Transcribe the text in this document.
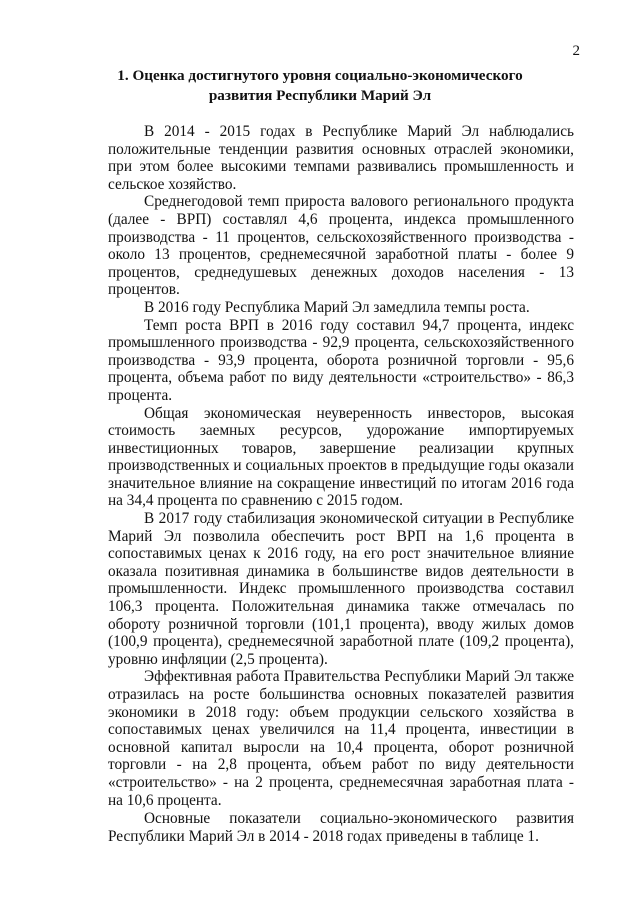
2
1. Оценка достигнутого уровня социально-экономического
развития Республики Марий Эл

В 2014 - 2015 годах в Республике Марий Эл наблюдались положительные тенденции развития основных отраслей экономики, при этом более высокими темпами развивались промышленность и сельское хозяйство.

Среднегодовой темп прироста валового регионального продукта (далее - ВРП) составлял 4,6 процента, индекса промышленного производства - 11 процентов, сельскохозяйственного производства - около 13 процентов, среднемесячной заработной платы - более 9 процентов, среднедушевых денежных доходов населения - 13 процентов.

В 2016 году Республика Марий Эл замедлила темпы роста.

Темп роста ВРП в 2016 году составил 94,7 процента, индекс промышленного производства - 92,9 процента, сельскохозяйственного производства - 93,9 процента, оборота розничной торговли - 95,6 процента, объема работ по виду деятельности «строительство» - 86,3 процента.

Общая экономическая неуверенность инвесторов, высокая стоимость заемных ресурсов, удорожание импортируемых инвестиционных товаров, завершение реализации крупных производственных и социальных проектов в предыдущие годы оказали значительное влияние на сокращение инвестиций по итогам 2016 года на 34,4 процента по сравнению с 2015 годом.

В 2017 году стабилизация экономической ситуации в Республике Марий Эл позволила обеспечить рост ВРП на 1,6 процента в сопоставимых ценах к 2016 году, на его рост значительное влияние оказала позитивная динамика в большинстве видов деятельности в промышленности. Индекс промышленного производства составил 106,3 процента. Положительная динамика также отмечалась по обороту розничной торговли (101,1 процента), вводу жилых домов (100,9 процента), среднемесячной заработной плате (109,2 процента), уровню инфляции (2,5 процента).

Эффективная работа Правительства Республики Марий Эл также отразилась на росте большинства основных показателей развития экономики в 2018 году: объем продукции сельского хозяйства в сопоставимых ценах увеличился на 11,4 процента, инвестиции в основной капитал выросли на 10,4 процента, оборот розничной торговли - на 2,8 процента, объем работ по виду деятельности «строительство» - на 2 процента, среднемесячная заработная плата - на 10,6 процента.

Основные показатели социально-экономического развития Республики Марий Эл в 2014 - 2018 годах приведены в таблице 1.
